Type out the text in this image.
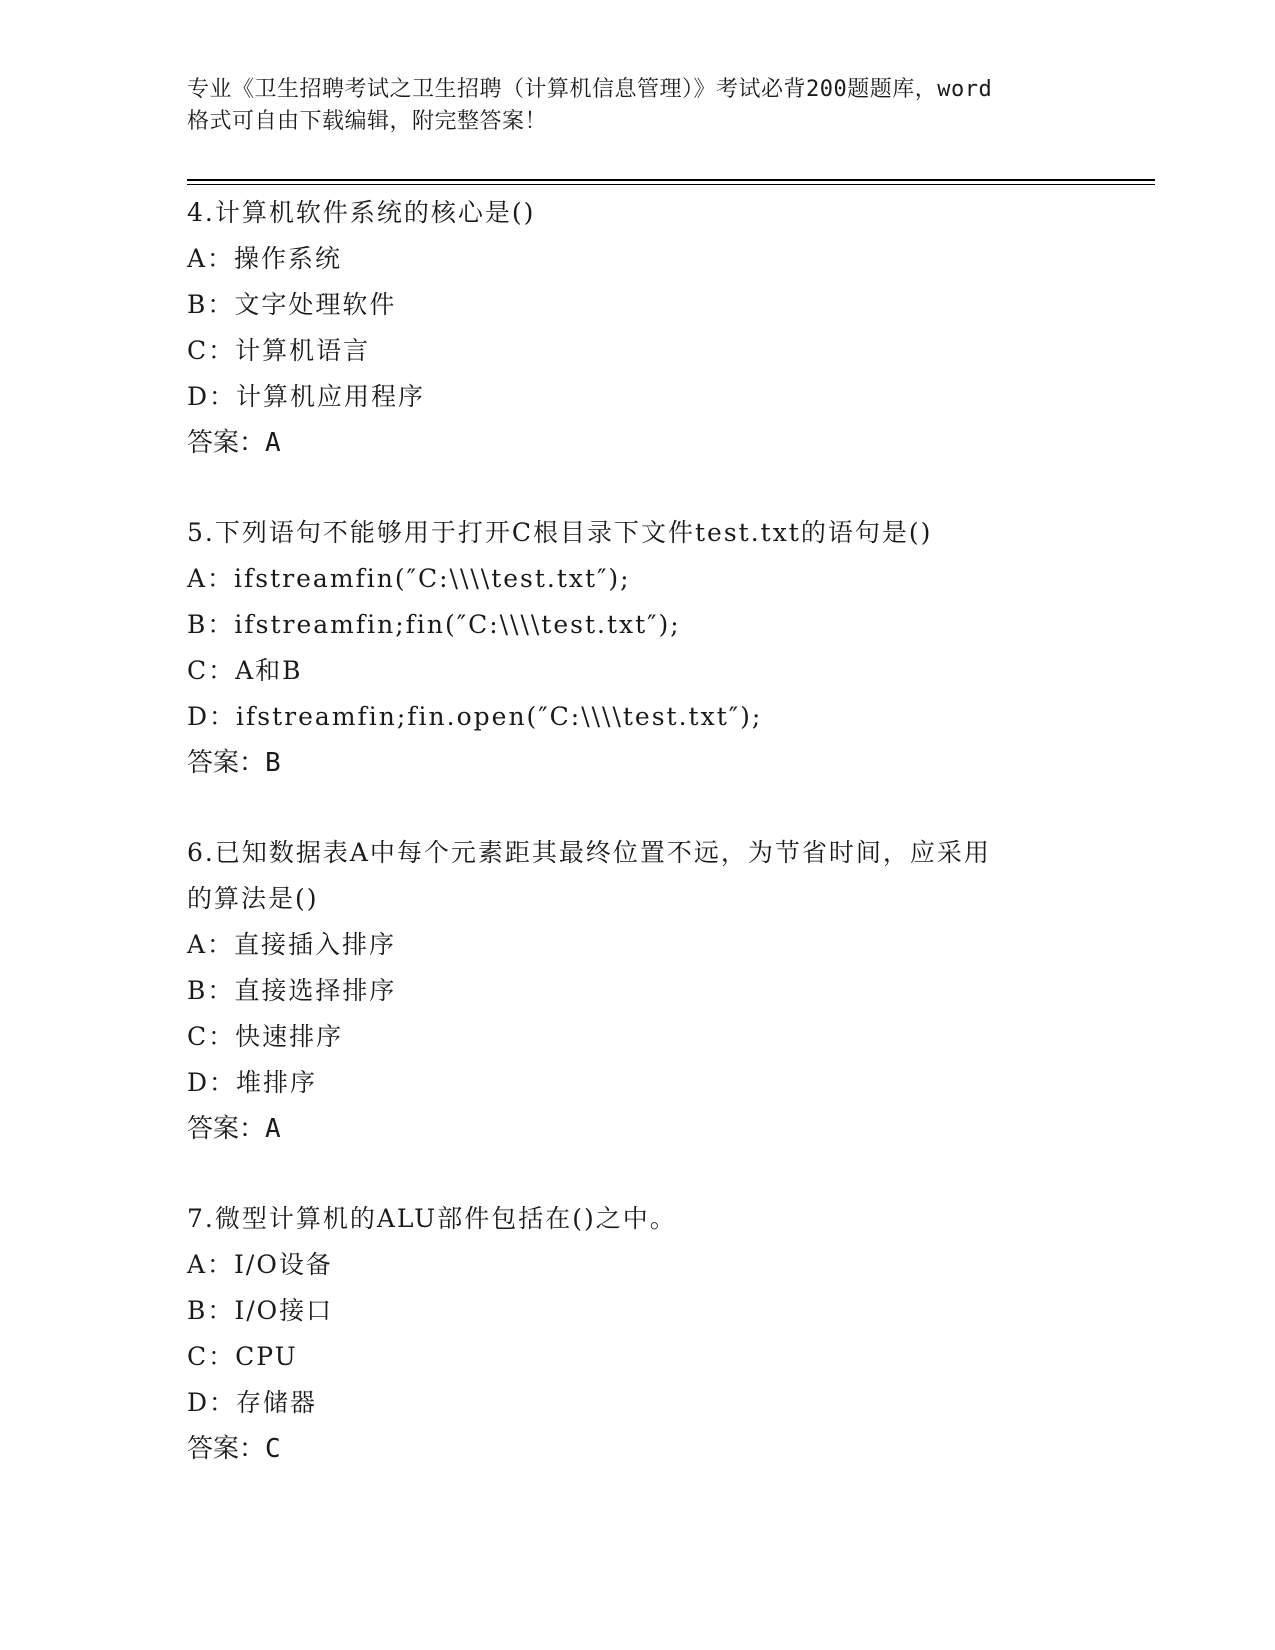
专业《卫生招聘考试之卫生招聘（计算机信息管理）》考试必背200题题库，word
格式可自由下载编辑，附完整答案！
4.计算机软件系统的核心是()
A：操作系统
B：文字处理软件
C：计算机语言
D：计算机应用程序
答案：A
5.下列语句不能够用于打开C根目录下文件test.txt的语句是()
A：ifstreamfin(″C:\\\\test.txt″);
B：ifstreamfin;fin(″C:\\\\test.txt″);
C：A和B
D：ifstreamfin;fin.open(″C:\\\\test.txt″);
答案：B
6.已知数据表A中每个元素距其最终位置不远，为节省时间，应采用
的算法是()
A：直接插入排序
B：直接选择排序
C：快速排序
D：堆排序
答案：A
7.微型计算机的ALU部件包括在()之中。
A：I/O设备
B：I/O接口
C：CPU
D：存储器
答案：C
